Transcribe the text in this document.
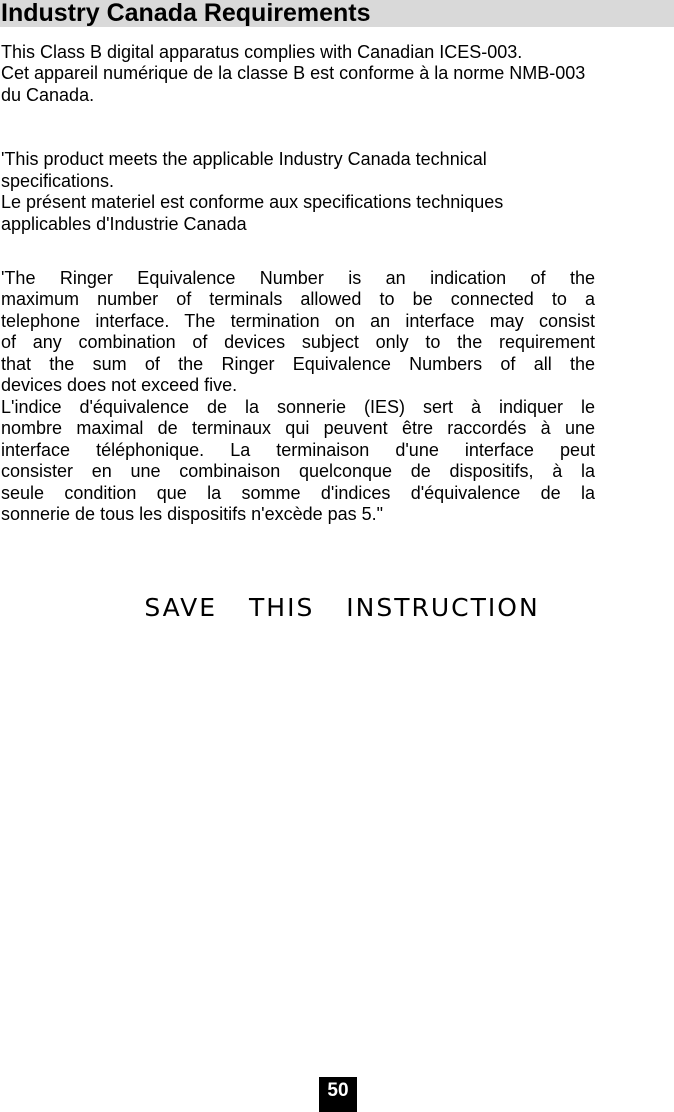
Industry Canada Requirements
This Class B digital apparatus complies with Canadian ICES-003.
Cet appareil numérique de la classe B est conforme à la norme NMB-003
du Canada.
'This product meets the applicable Industry Canada technical
specifications.
Le présent materiel est conforme aux specifications techniques
applicables d'Industrie Canada
'The Ringer Equivalence Number is an indication of the
maximum number of terminals allowed to be connected to a
telephone interface. The termination on an interface may consist
of any combination of devices subject only to the requirement
that the sum of the Ringer Equivalence Numbers of all the
devices does not exceed five.
L'indice d'équivalence de la sonnerie (IES) sert à indiquer le
nombre maximal de terminaux qui peuvent être raccordés à une
interface téléphonique. La terminaison d'une interface peut
consister en une combinaison quelconque de dispositifs, à la
seule condition que la somme d'indices d'équivalence de la
sonnerie de tous les dispositifs n'excède pas 5."
SAVE THIS INSTRUCTION
50
